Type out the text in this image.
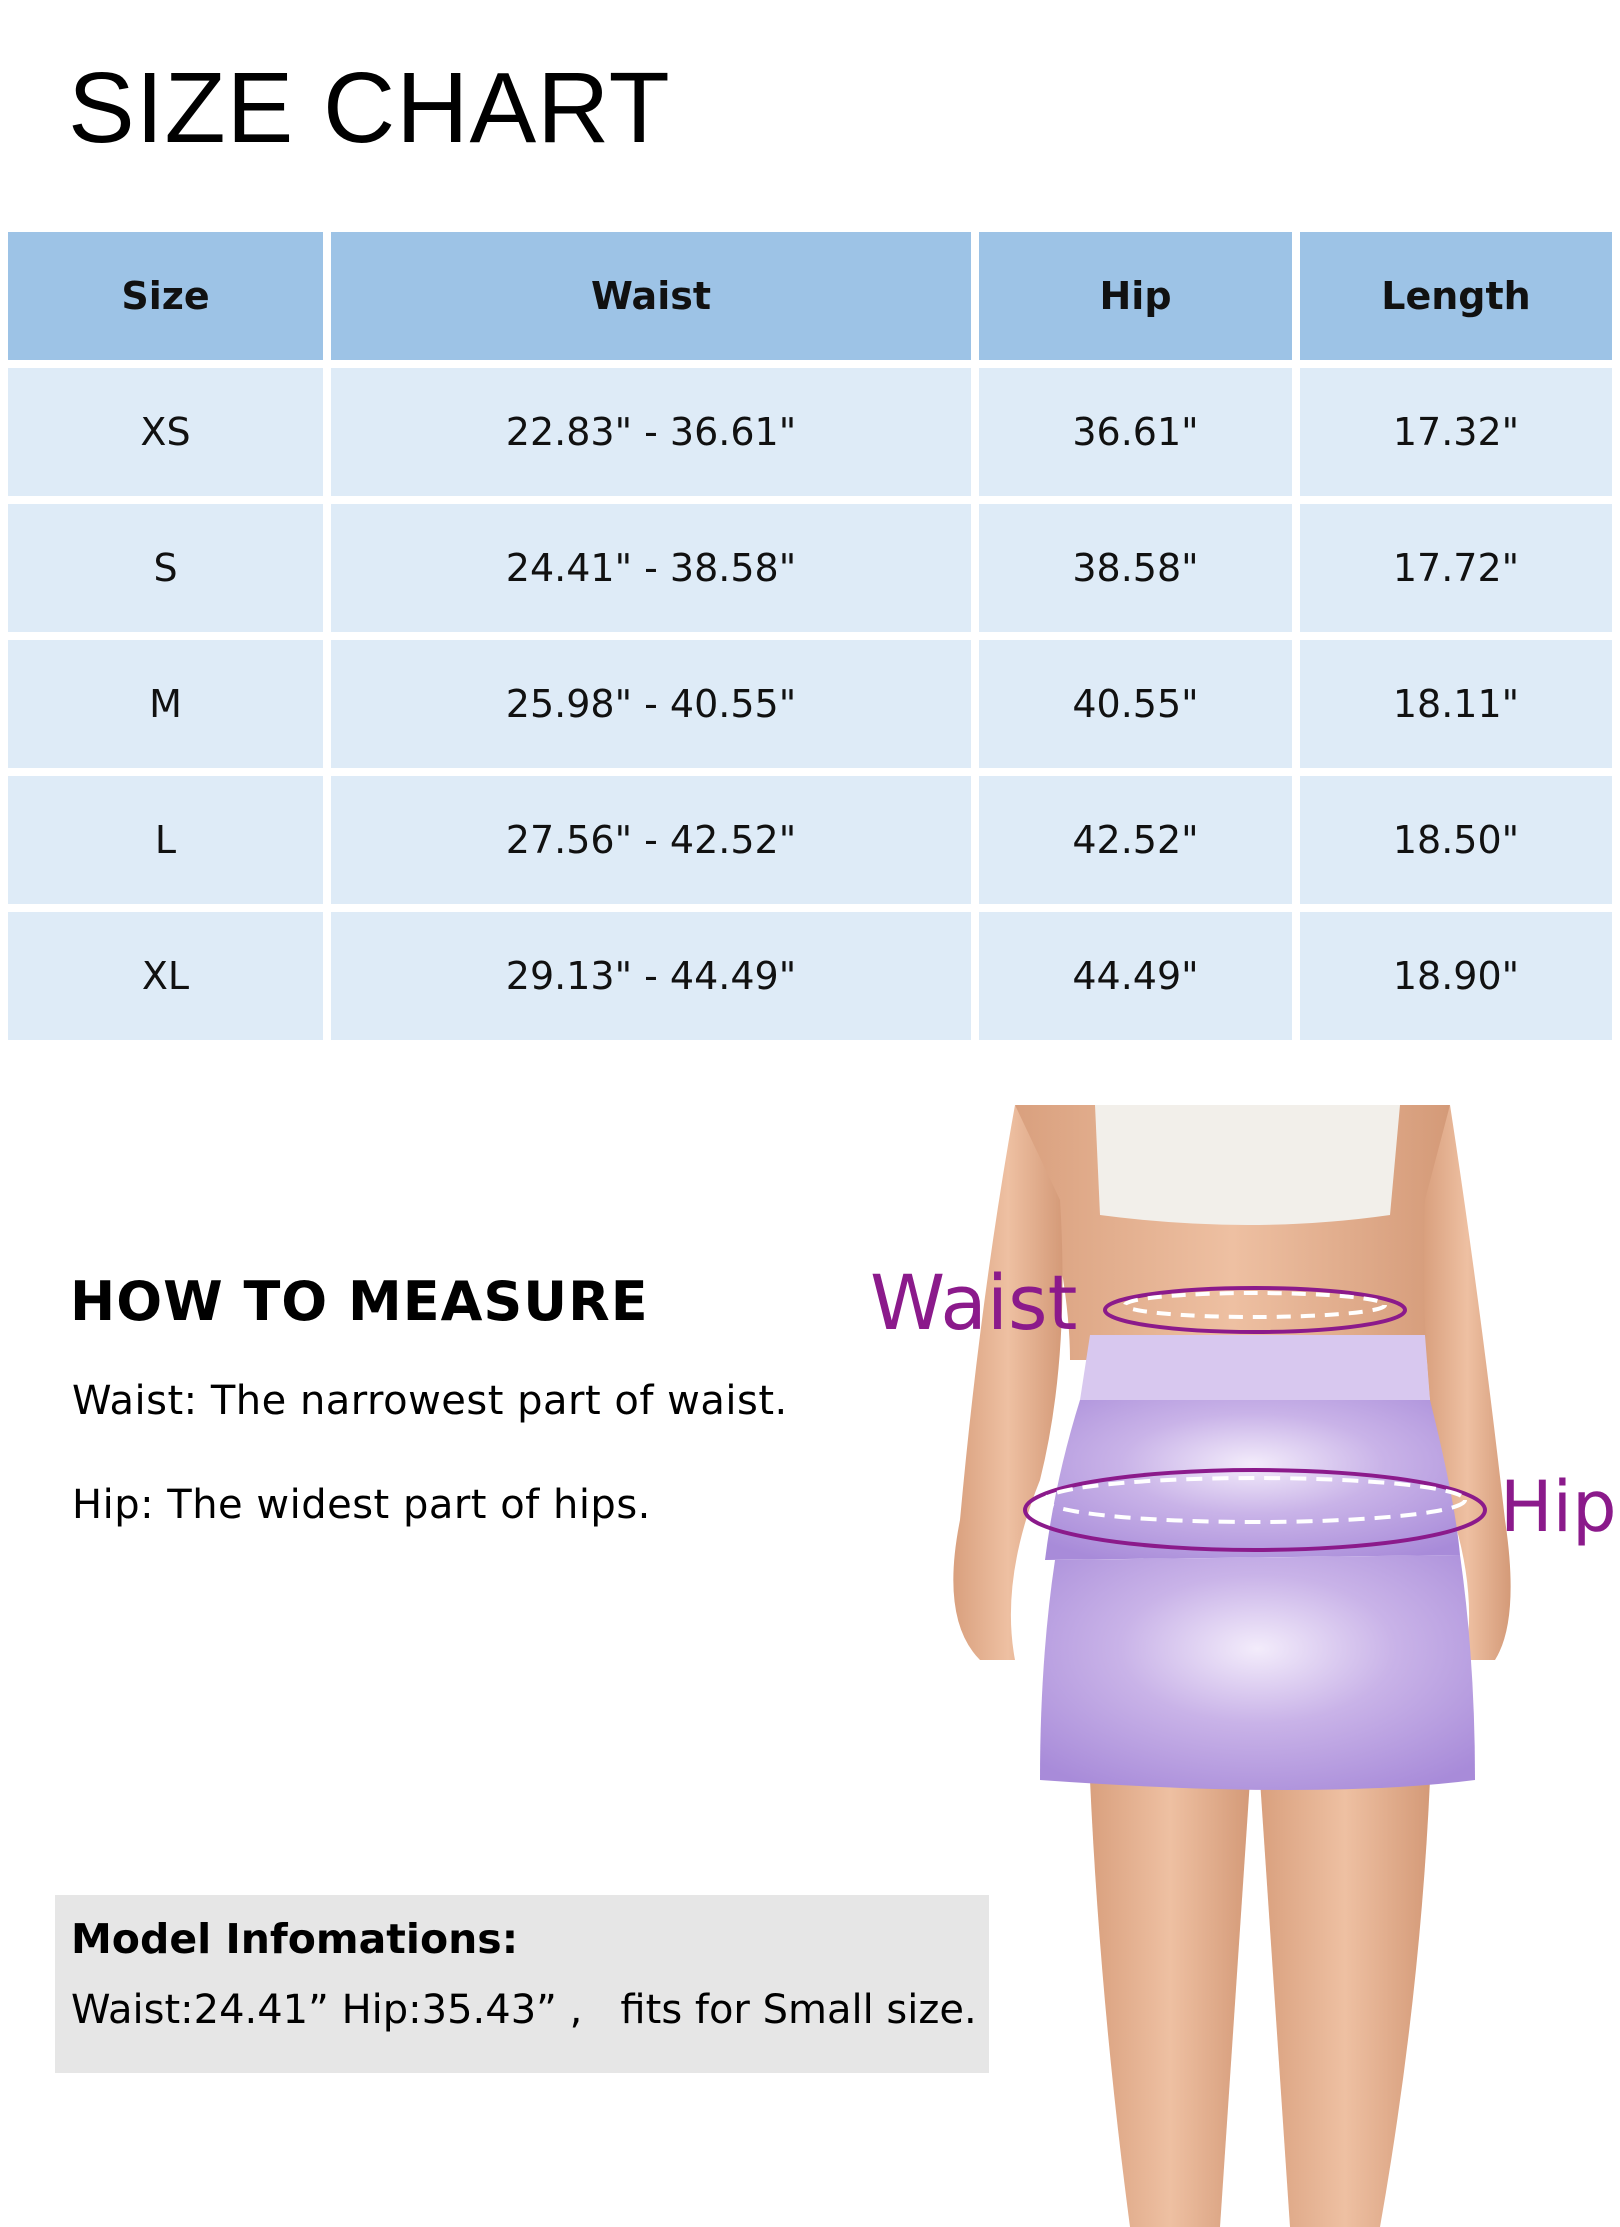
SIZE CHART
Size	Waist	Hip	Length
XS	22.83" - 36.61"	36.61"	17.32"
S	24.41" - 38.58"	38.58"	17.72"
M	25.98" - 40.55"	40.55"	18.11"
L	27.56" - 42.52"	42.52"	18.50"
XL	29.13" - 44.49"	44.49"	18.90"
HOW TO MEASURE
Waist: The narrowest part of waist.
Hip: The widest part of hips.
Model Infomations:
Waist:24.41” Hip:35.43” ,   fits for Small size.
Waist
Hip
